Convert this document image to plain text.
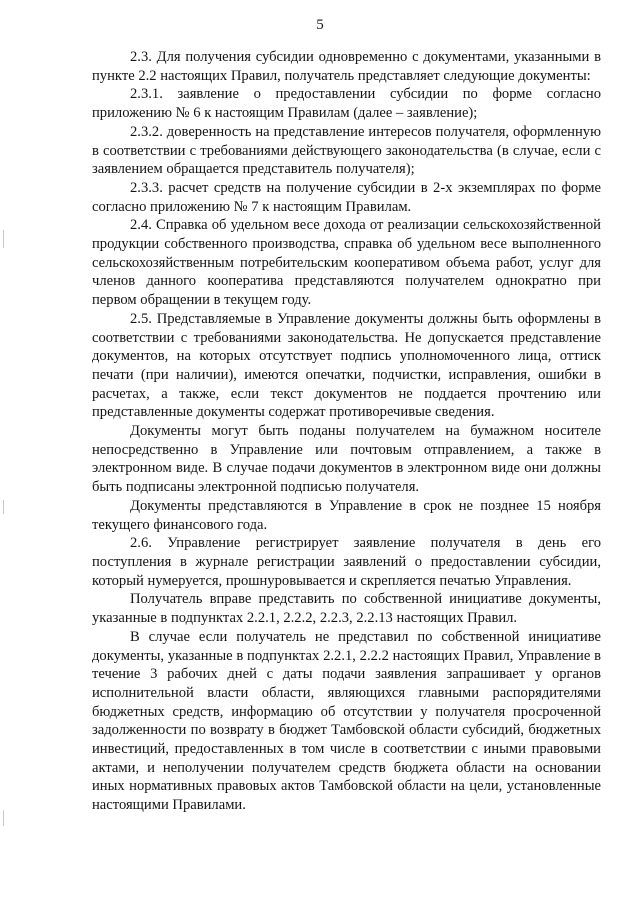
5

2.3. Для получения субсидии одновременно с документами, указанными в пункте 2.2 настоящих Правил, получатель представляет следующие документы:

2.3.1. заявление о предоставлении субсидии по форме согласно приложению № 6 к настоящим Правилам (далее – заявление);

2.3.2. доверенность на представление интересов получателя, оформленную в соответствии с требованиями действующего законодательства (в случае, если с заявлением обращается представитель получателя);

2.3.3. расчет средств на получение субсидии в 2-х экземплярах по форме согласно приложению № 7 к настоящим Правилам.

2.4. Справка об удельном весе дохода от реализации сельскохозяйственной продукции собственного производства, справка об удельном весе выполненного сельскохозяйственным потребительским кооперативом объема работ, услуг для членов данного кооператива представляются получателем однократно при первом обращении в текущем году.

2.5. Представляемые в Управление документы должны быть оформлены в соответствии с требованиями законодательства. Не допускается представление документов, на которых отсутствует подпись уполномоченного лица, оттиск печати (при наличии), имеются опечатки, подчистки, исправления, ошибки в расчетах, а также, если текст документов не поддается прочтению или представленные документы содержат противоречивые сведения.

Документы могут быть поданы получателем на бумажном носителе непосредственно в Управление или почтовым отправлением, а также в электронном виде. В случае подачи документов в электронном виде они должны быть подписаны электронной подписью получателя.

Документы представляются в Управление в срок не позднее 15 ноября текущего финансового года.

2.6. Управление регистрирует заявление получателя в день его поступления в журнале регистрации заявлений о предоставлении субсидии, который нумеруется, прошнуровывается и скрепляется печатью Управления.

Получатель вправе представить по собственной инициативе документы, указанные в подпунктах 2.2.1, 2.2.2, 2.2.3, 2.2.13 настоящих Правил.

В случае если получатель не представил по собственной инициативе документы, указанные в подпунктах 2.2.1, 2.2.2 настоящих Правил, Управление в течение 3 рабочих дней с даты подачи заявления запрашивает у органов исполнительной власти области, являющихся главными распорядителями бюджетных средств, информацию об отсутствии у получателя просроченной задолженности по возврату в бюджет Тамбовской области субсидий, бюджетных инвестиций, предоставленных в том числе в соответствии с иными правовыми актами, и неполучении получателем средств бюджета области на основании иных нормативных правовых актов Тамбовской области на цели, установленные настоящими Правилами.
